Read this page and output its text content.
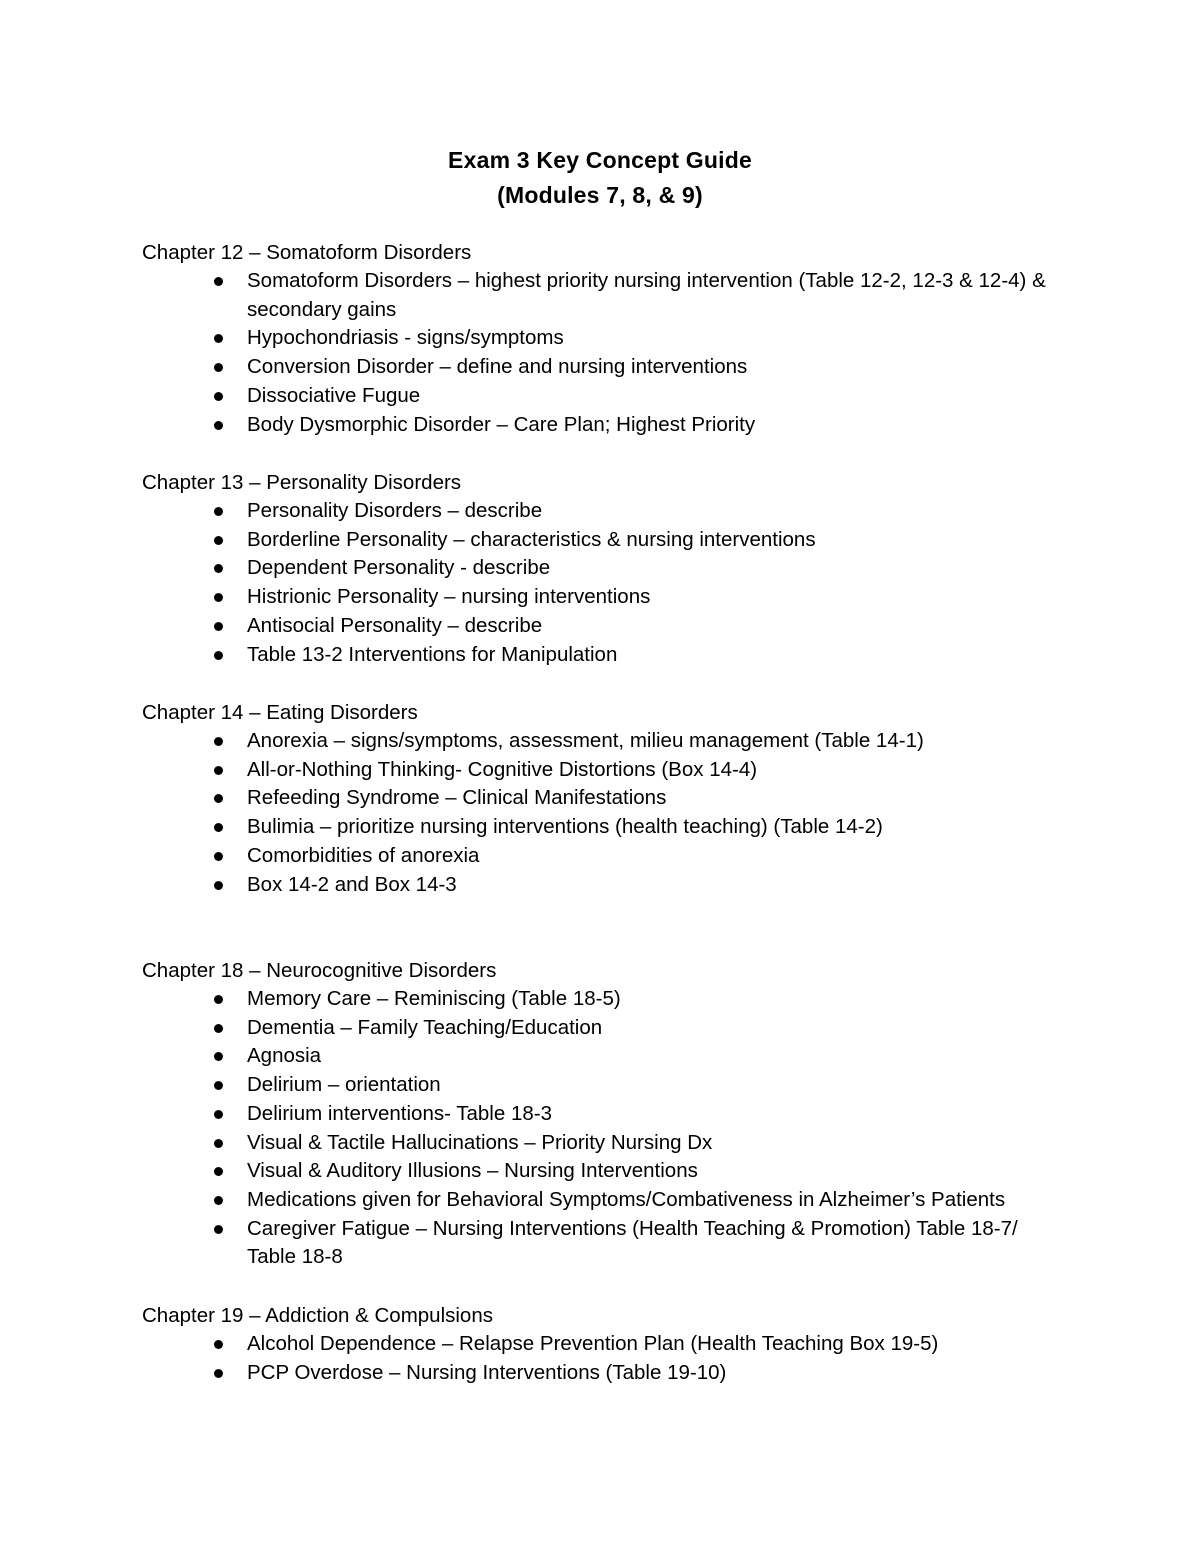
Exam 3 Key Concept Guide
(Modules 7, 8, & 9)
Chapter 12 – Somatoform Disorders
Somatoform Disorders – highest priority nursing intervention (Table 12-2, 12-3 & 12-4) & secondary gains
Hypochondriasis - signs/symptoms
Conversion Disorder – define and nursing interventions
Dissociative Fugue
Body Dysmorphic Disorder – Care Plan; Highest Priority
Chapter 13 – Personality Disorders
Personality Disorders – describe
Borderline Personality – characteristics & nursing interventions
Dependent Personality - describe
Histrionic Personality – nursing interventions
Antisocial Personality – describe
Table 13-2 Interventions for Manipulation
Chapter 14 – Eating Disorders
Anorexia – signs/symptoms, assessment, milieu management (Table 14-1)
All-or-Nothing Thinking- Cognitive Distortions (Box 14-4)
Refeeding Syndrome – Clinical Manifestations
Bulimia – prioritize nursing interventions (health teaching) (Table 14-2)
Comorbidities of anorexia
Box 14-2 and Box 14-3
Chapter 18 – Neurocognitive Disorders
Memory Care – Reminiscing (Table 18-5)
Dementia – Family Teaching/Education
Agnosia
Delirium – orientation
Delirium interventions- Table 18-3
Visual & Tactile Hallucinations – Priority Nursing Dx
Visual & Auditory Illusions – Nursing Interventions
Medications given for Behavioral Symptoms/Combativeness in Alzheimer’s Patients
Caregiver Fatigue – Nursing Interventions (Health Teaching & Promotion) Table 18-7/ Table 18-8
Chapter 19 – Addiction & Compulsions
Alcohol Dependence – Relapse Prevention Plan (Health Teaching Box 19-5)
PCP Overdose – Nursing Interventions (Table 19-10)
